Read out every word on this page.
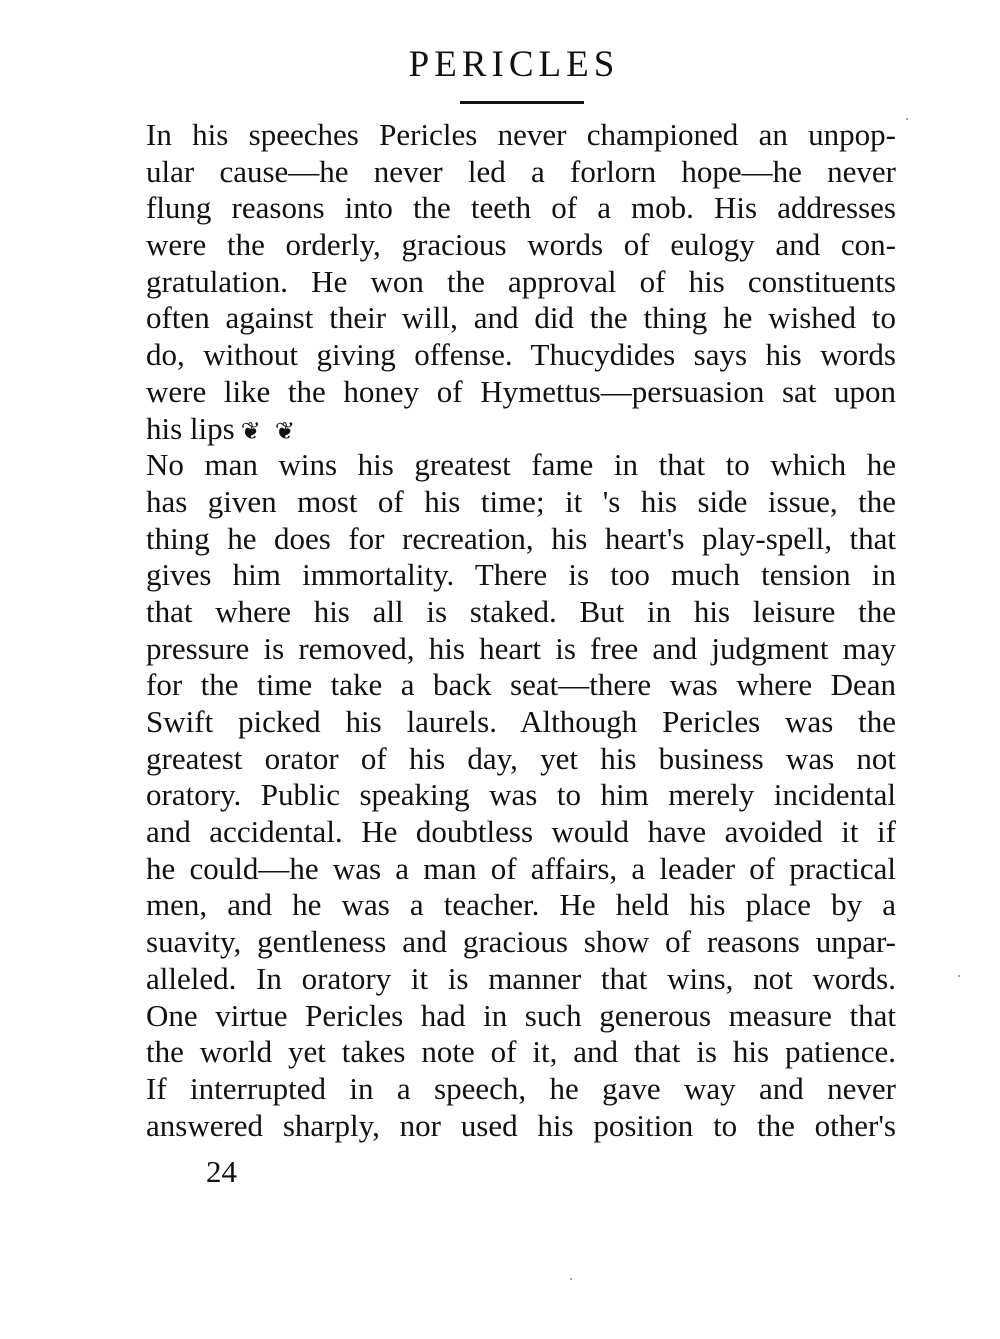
PERICLES
In his speeches Pericles never championed an unpop-
ular cause—he never led a forlorn hope—he never
flung reasons into the teeth of a mob. His addresses
were the orderly, gracious words of eulogy and con-
gratulation. He won the approval of his constituents
often against their will, and did the thing he wished to
do, without giving offense. Thucydides says his words
were like the honey of Hymettus—persuasion sat upon
his lips ❦ ❦
No man wins his greatest fame in that to which he
has given most of his time; it 's his side issue, the
thing he does for recreation, his heart's play-spell, that
gives him immortality. There is too much tension in
that where his all is staked. But in his leisure the
pressure is removed, his heart is free and judgment may
for the time take a back seat—there was where Dean
Swift picked his laurels. Although Pericles was the
greatest orator of his day, yet his business was not
oratory. Public speaking was to him merely incidental
and accidental. He doubtless would have avoided it if
he could—he was a man of affairs, a leader of practical
men, and he was a teacher. He held his place by a
suavity, gentleness and gracious show of reasons unpar-
alleled. In oratory it is manner that wins, not words.
One virtue Pericles had in such generous measure that
the world yet takes note of it, and that is his patience.
If interrupted in a speech, he gave way and never
answered sharply, nor used his position to the other's
24
